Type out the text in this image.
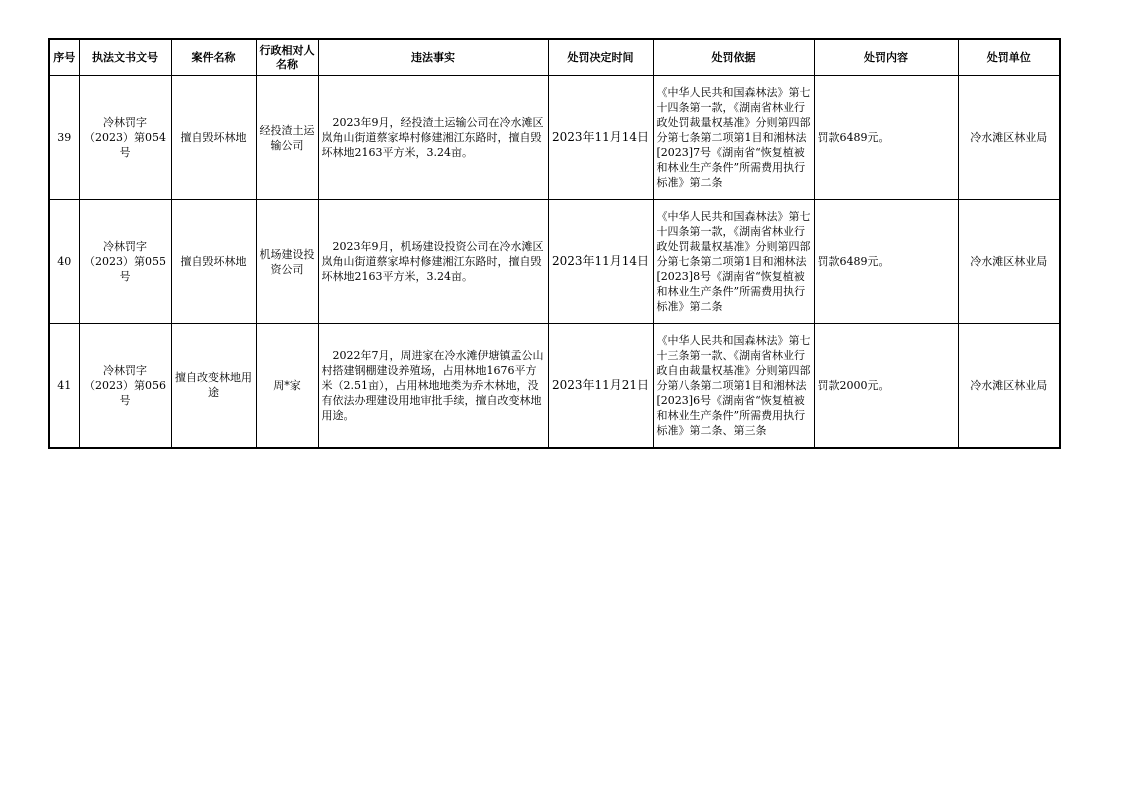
序号	执法文书文号	案件名称	行政相对人名称	违法事实	处罚决定时间	处罚依据	处罚内容	处罚单位
39	冷林罚字（2023）第054号	擅自毁坏林地	经投渣土运输公司	2023年9月，经投渣土运输公司在冷水滩区岚角山街道蔡家埠村修建湘江东路时，擅自毁坏林地2163平方米，3.24亩。	2023年11月14日	《中华人民共和国森林法》第七十四条第一款，《湖南省林业行政处罚裁量权基准》分则第四部分第七条第二项第1目和湘林法[2023]7号《湖南省“恢复植被和林业生产条件”所需费用执行标准》第二条	罚款6489元。	冷水滩区林业局
40	冷林罚字（2023）第055号	擅自毁坏林地	机场建设投资公司	2023年9月，机场建设投资公司在冷水滩区岚角山街道蔡家埠村修建湘江东路时，擅自毁坏林地2163平方米，3.24亩。	2023年11月14日	《中华人民共和国森林法》第七十四条第一款，《湖南省林业行政处罚裁量权基准》分则第四部分第七条第二项第1目和湘林法[2023]8号《湖南省“恢复植被和林业生产条件”所需费用执行标准》第二条	罚款6489元。	冷水滩区林业局
41	冷林罚字（2023）第056号	擅自改变林地用途	周*家	2022年7月，周进家在冷水滩伊塘镇孟公山村搭建钢棚建设养殖场，占用林地1676平方米（2.51亩），占用林地地类为乔木林地，没有依法办理建设用地审批手续，擅自改变林地用途。	2023年11月21日	《中华人民共和国森林法》第七十三条第一款、《湖南省林业行政自由裁量权基准》分则第四部分第八条第二项第1目和湘林法[2023]6号《湖南省“恢复植被和林业生产条件”所需费用执行标准》第二条、第三条	罚款2000元。	冷水滩区林业局
